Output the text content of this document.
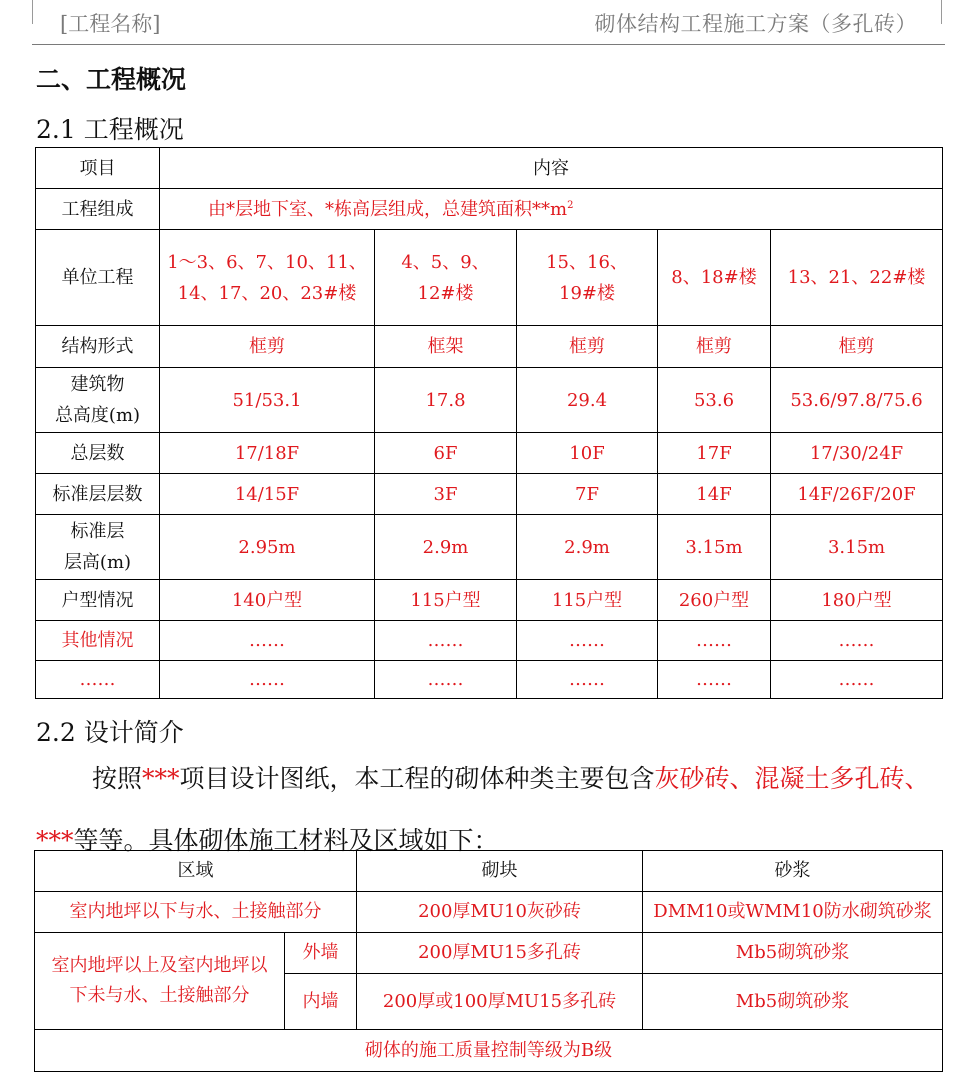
[工程名称]	砌体结构工程施工方案（多孔砖）
二、工程概况
2.1 工程概况
项目	内容				
工程组成	由*层地下室、*栋高层组成，总建筑面积$**m^2$
单位工程	1～3、6、7、10、11、14、17、20、23#楼	4、5、9、12#楼	15、16、19#楼	8、18#楼	13、21、22#楼
结构形式	框剪	框架	框剪	框剪	框剪

建筑物
总高度(m)	51/53.1	17.8	29.4	53.6	53.6/97.8/75.6
总层数	17/18F	6F	10F	17F	17/30/24F
标准层层数	14/15F	3F	7F	14F	14F/26F/20F

标准层
层高(m)	2.95m	2.9m	2.9m	3.15m	3.15m
户型情况	140户型	115户型	115户型	260户型	180户型
其他情况	……	……	……	……	……
……	……	……	……	……	……
2.2 设计简介
按照***项目设计图纸，本工程的砌体种类主要包含灰砂砖、混凝土多孔砖、***等等。具体砌体施工材料及区域如下：
区域		砌块	砂浆
室内地坪以下与水、土接触部分		200厚MU10灰砂砖	DMM10或WMM10防水砌筑砂浆
室内地坪以上及室内地坪以下未与水、土接触部分	外墙	200厚MU15多孔砖	Mb5砌筑砂浆
	内墙	200厚或100厚MU15多孔砖	Mb5砌筑砂浆
砌体的施工质量控制等级为B级			
